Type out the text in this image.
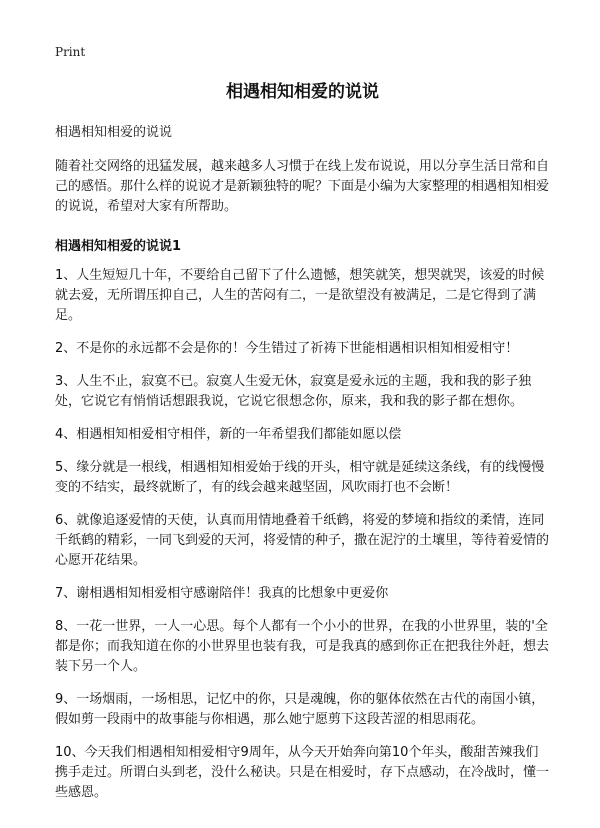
Print
相遇相知相爱的说说
相遇相知相爱的说说

随着社交网络的迅猛发展，越来越多人习惯于在线上发布说说，用以分享生活日常和自己的感悟。那什么样的说说才是新颖独特的呢？下面是小编为大家整理的相遇相知相爱的说说，希望对大家有所帮助。

相遇相知相爱的说说1

1、人生短短几十年，不要给自己留下了什么遗憾，想笑就笑，想哭就哭，该爱的时候就去爱，无所谓压抑自己，人生的苦闷有二，一是欲望没有被满足，二是它得到了满足。

2、不是你的永远都不会是你的！今生错过了祈祷下世能相遇相识相知相爱相守！

3、人生不止，寂寞不已。寂寞人生爱无休，寂寞是爱永远的主题，我和我的影子独处，它说它有悄悄话想跟我说，它说它很想念你，原来，我和我的影子都在想你。

4、相遇相知相爱相守相伴，新的一年希望我们都能如愿以偿

5、缘分就是一根线，相遇相知相爱始于线的开头，相守就是延续这条线，有的线慢慢变的不结实，最终就断了，有的线会越来越坚固，风吹雨打也不会断！

6、就像追逐爱情的天使，认真而用情地叠着千纸鹤，将爱的梦境和指纹的柔情，连同千纸鹤的精彩，一同飞到爱的天河，将爱情的种子，撒在泥泞的土壤里，等待着爱情的心愿开花结果。

7、谢相遇相知相爱相守感谢陪伴！我真的比想象中更爱你

8、一花一世界，一人一心思。每个人都有一个小小的世界，在我的小世界里，装的'全都是你；而我知道在你的小世界里也装有我，可是我真的感到你正在把我往外赶，想去装下另一个人。

9、一场烟雨，一场相思，记忆中的你，只是魂魄，你的躯体依然在古代的南国小镇，假如剪一段雨中的故事能与你相遇，那么她宁愿剪下这段苦涩的相思雨花。

10、今天我们相遇相知相爱相守9周年，从今天开始奔向第10个年头，酸甜苦辣我们携手走过。所谓白头到老，没什么秘诀。只是在相爱时，存下点感动，在冷战时，懂一些感恩。
